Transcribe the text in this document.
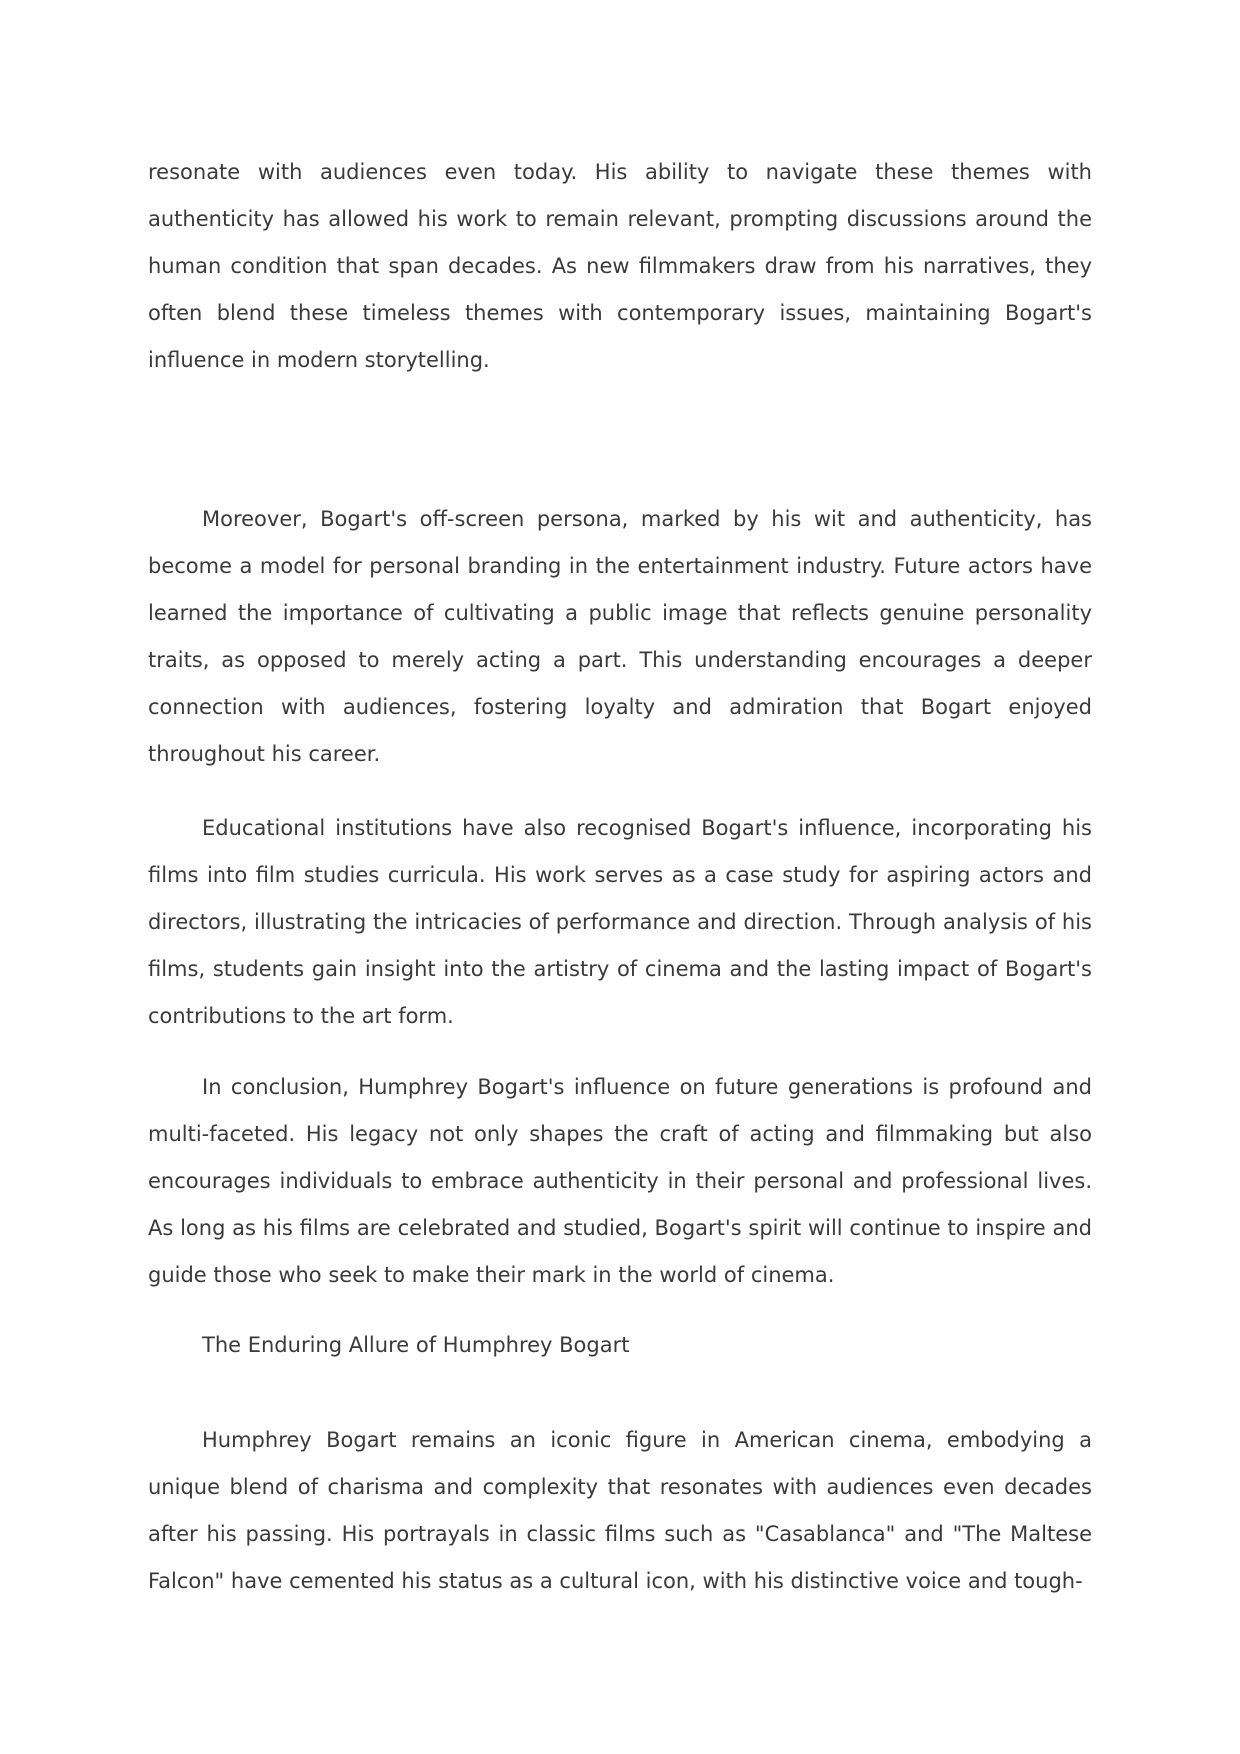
resonate with audiences even today. His ability to navigate these themes with authenticity has allowed his work to remain relevant, prompting discussions around the human condition that span decades. As new filmmakers draw from his narratives, they often blend these timeless themes with contemporary issues, maintaining Bogart's influence in modern storytelling.

Moreover, Bogart's off-screen persona, marked by his wit and authenticity, has become a model for personal branding in the entertainment industry. Future actors have learned the importance of cultivating a public image that reflects genuine personality traits, as opposed to merely acting a part. This understanding encourages a deeper connection with audiences, fostering loyalty and admiration that Bogart enjoyed throughout his career.

Educational institutions have also recognised Bogart's influence, incorporating his films into film studies curricula. His work serves as a case study for aspiring actors and directors, illustrating the intricacies of performance and direction. Through analysis of his films, students gain insight into the artistry of cinema and the lasting impact of Bogart's contributions to the art form.

In conclusion, Humphrey Bogart's influence on future generations is profound and multi-faceted. His legacy not only shapes the craft of acting and filmmaking but also encourages individuals to embrace authenticity in their personal and professional lives. As long as his films are celebrated and studied, Bogart's spirit will continue to inspire and guide those who seek to make their mark in the world of cinema.

The Enduring Allure of Humphrey Bogart

Humphrey Bogart remains an iconic figure in American cinema, embodying a unique blend of charisma and complexity that resonates with audiences even decades after his passing. His portrayals in classic films such as "Casablanca" and "The Maltese Falcon" have cemented his status as a cultural icon, with his distinctive voice and tough-
